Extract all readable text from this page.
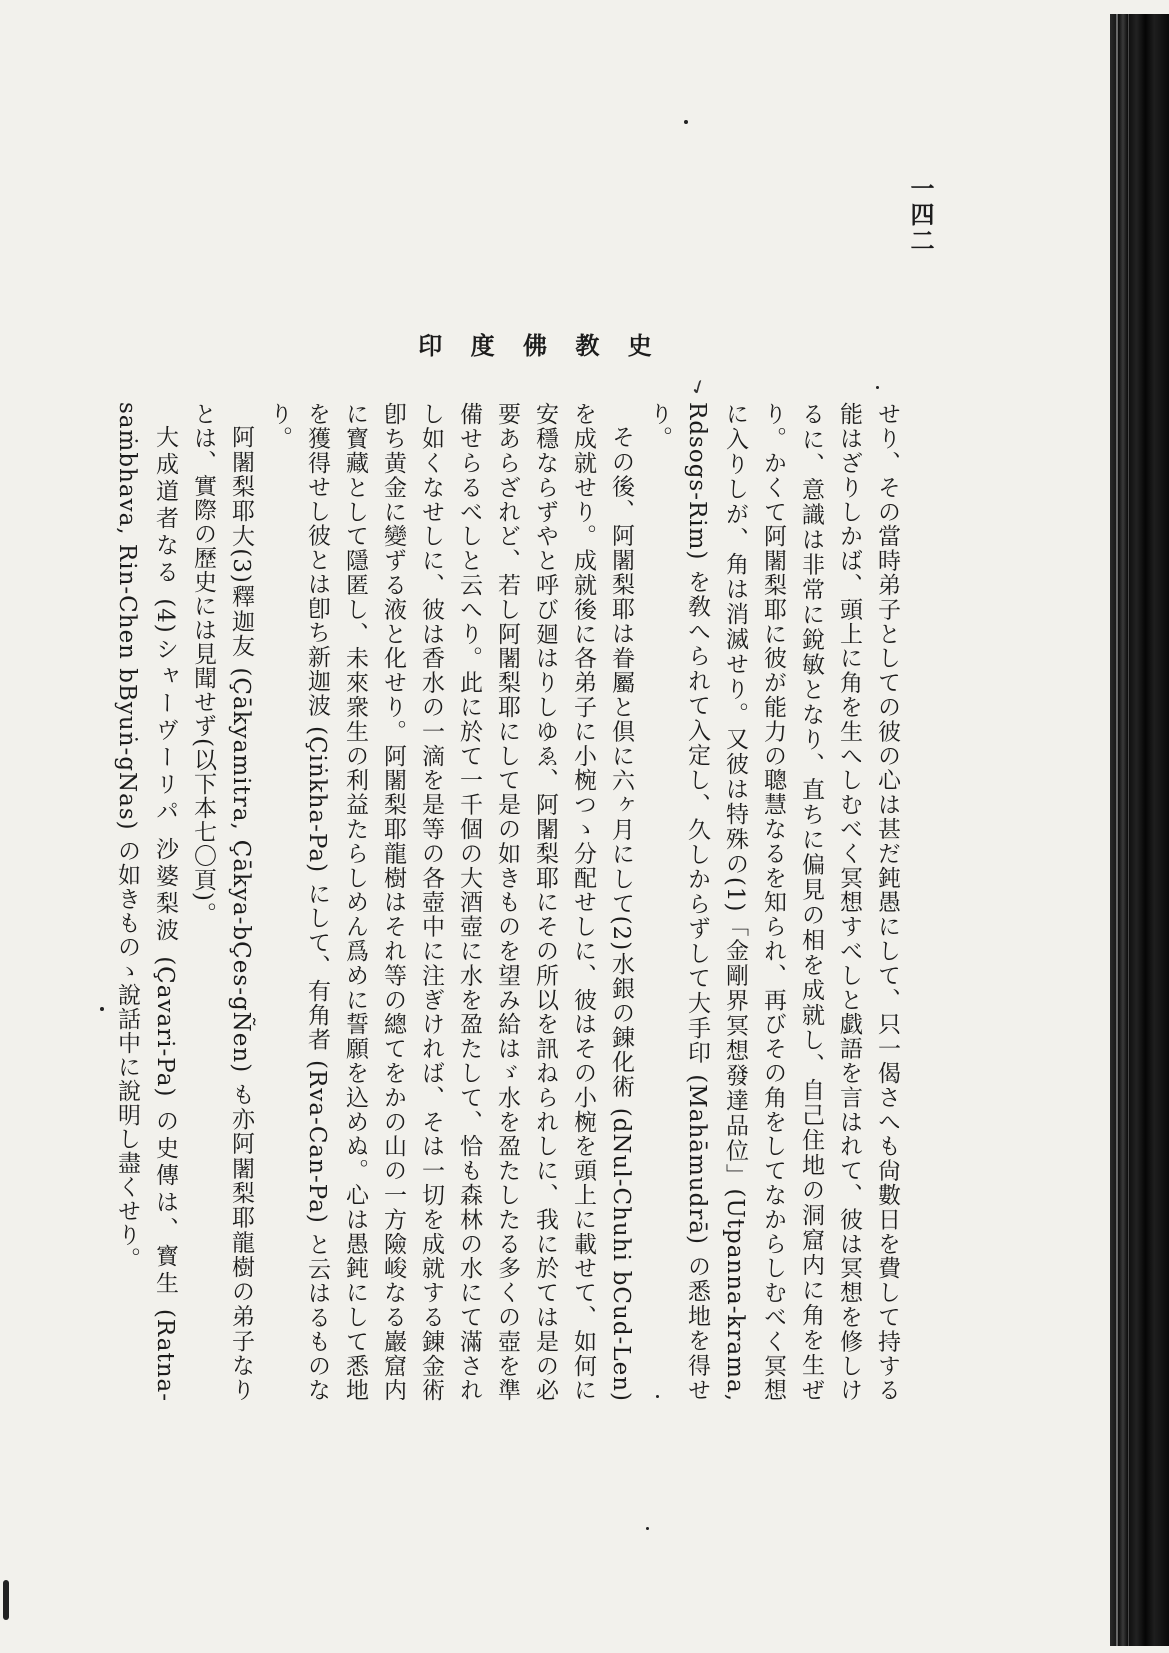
一四二
印 度 佛 教 史
✓

せり、その當時弟子としての彼の心は甚だ鈍愚にして、只一偈さへも尙數日を費して持する能はざりしかば、頭上に角を生へしむべく冥想すべしと戯語を言はれて、彼は冥想を修しけるに、意識は非常に銳敏となり、直ちに偏見の相を成就し、自己住地の洞窟内に角を生ぜり。かくて阿闍梨耶に彼が能力の聰慧なるを知られ、再びその角をしてなからしむべく冥想に入りしが、角は消滅せり。又彼は特殊の(1)「金剛界冥想發達品位」(Utpanna-krama, Rdsogs-Rim) を敎へられて入定し、久しからずして大手印 (Mahāmudrā) の悉地を得せり。

その後、阿闍梨耶は眷屬と倶に六ヶ月にして(2)水銀の錬化術 (dNul-Chuhi bCud-Len) を成就せり。成就後に各弟子に小椀つゝ分配せしに、彼はその小椀を頭上に載せて、如何に安穩ならずやと呼び廻はりしゆゑ、阿闍梨耶にその所以を訊ねられしに、我に於ては是の必要あらざれど、若し阿闍梨耶にして是の如きものを望み給はゞ水を盈たしたる多くの壺を準備せらるべしと云へり。此に於て一千個の大酒壺に水を盈たして、恰も森林の水にて滿されし如くなせしに、彼は香水の一滴を是等の各壺中に注ぎければ、そは一切を成就する錬金術卽ち黄金に變ずる液と化せり。阿闍梨耶龍樹はそれ等の總てをかの山の一方險峻なる巖窟内に寳藏として隱匿し、未來衆生の利益たらしめん爲めに誓願を込めぬ。心は愚鈍にして悉地を獲得せし彼とは卽ち新迦波 (Çiṅkha-Pa) にして、有角者 (Rva-Can-Pa) と云はるものなり。

阿闍梨耶大(3)釋迦友 (Çākyamitra, Çākya-bÇes-gÑen) も亦阿闍梨耶龍樹の弟子なりとは、實際の歷史には見聞せず(以下本七〇頁)。

大成道者なる (4)シャーヴーリパ 沙婆梨波 (Çavari-Pa) の史傳は、寳生 (Ratna-saṁbhava, Rin-Chen bByuṅ-gNas) の如きものゝ說話中に說明し盡くせり。
